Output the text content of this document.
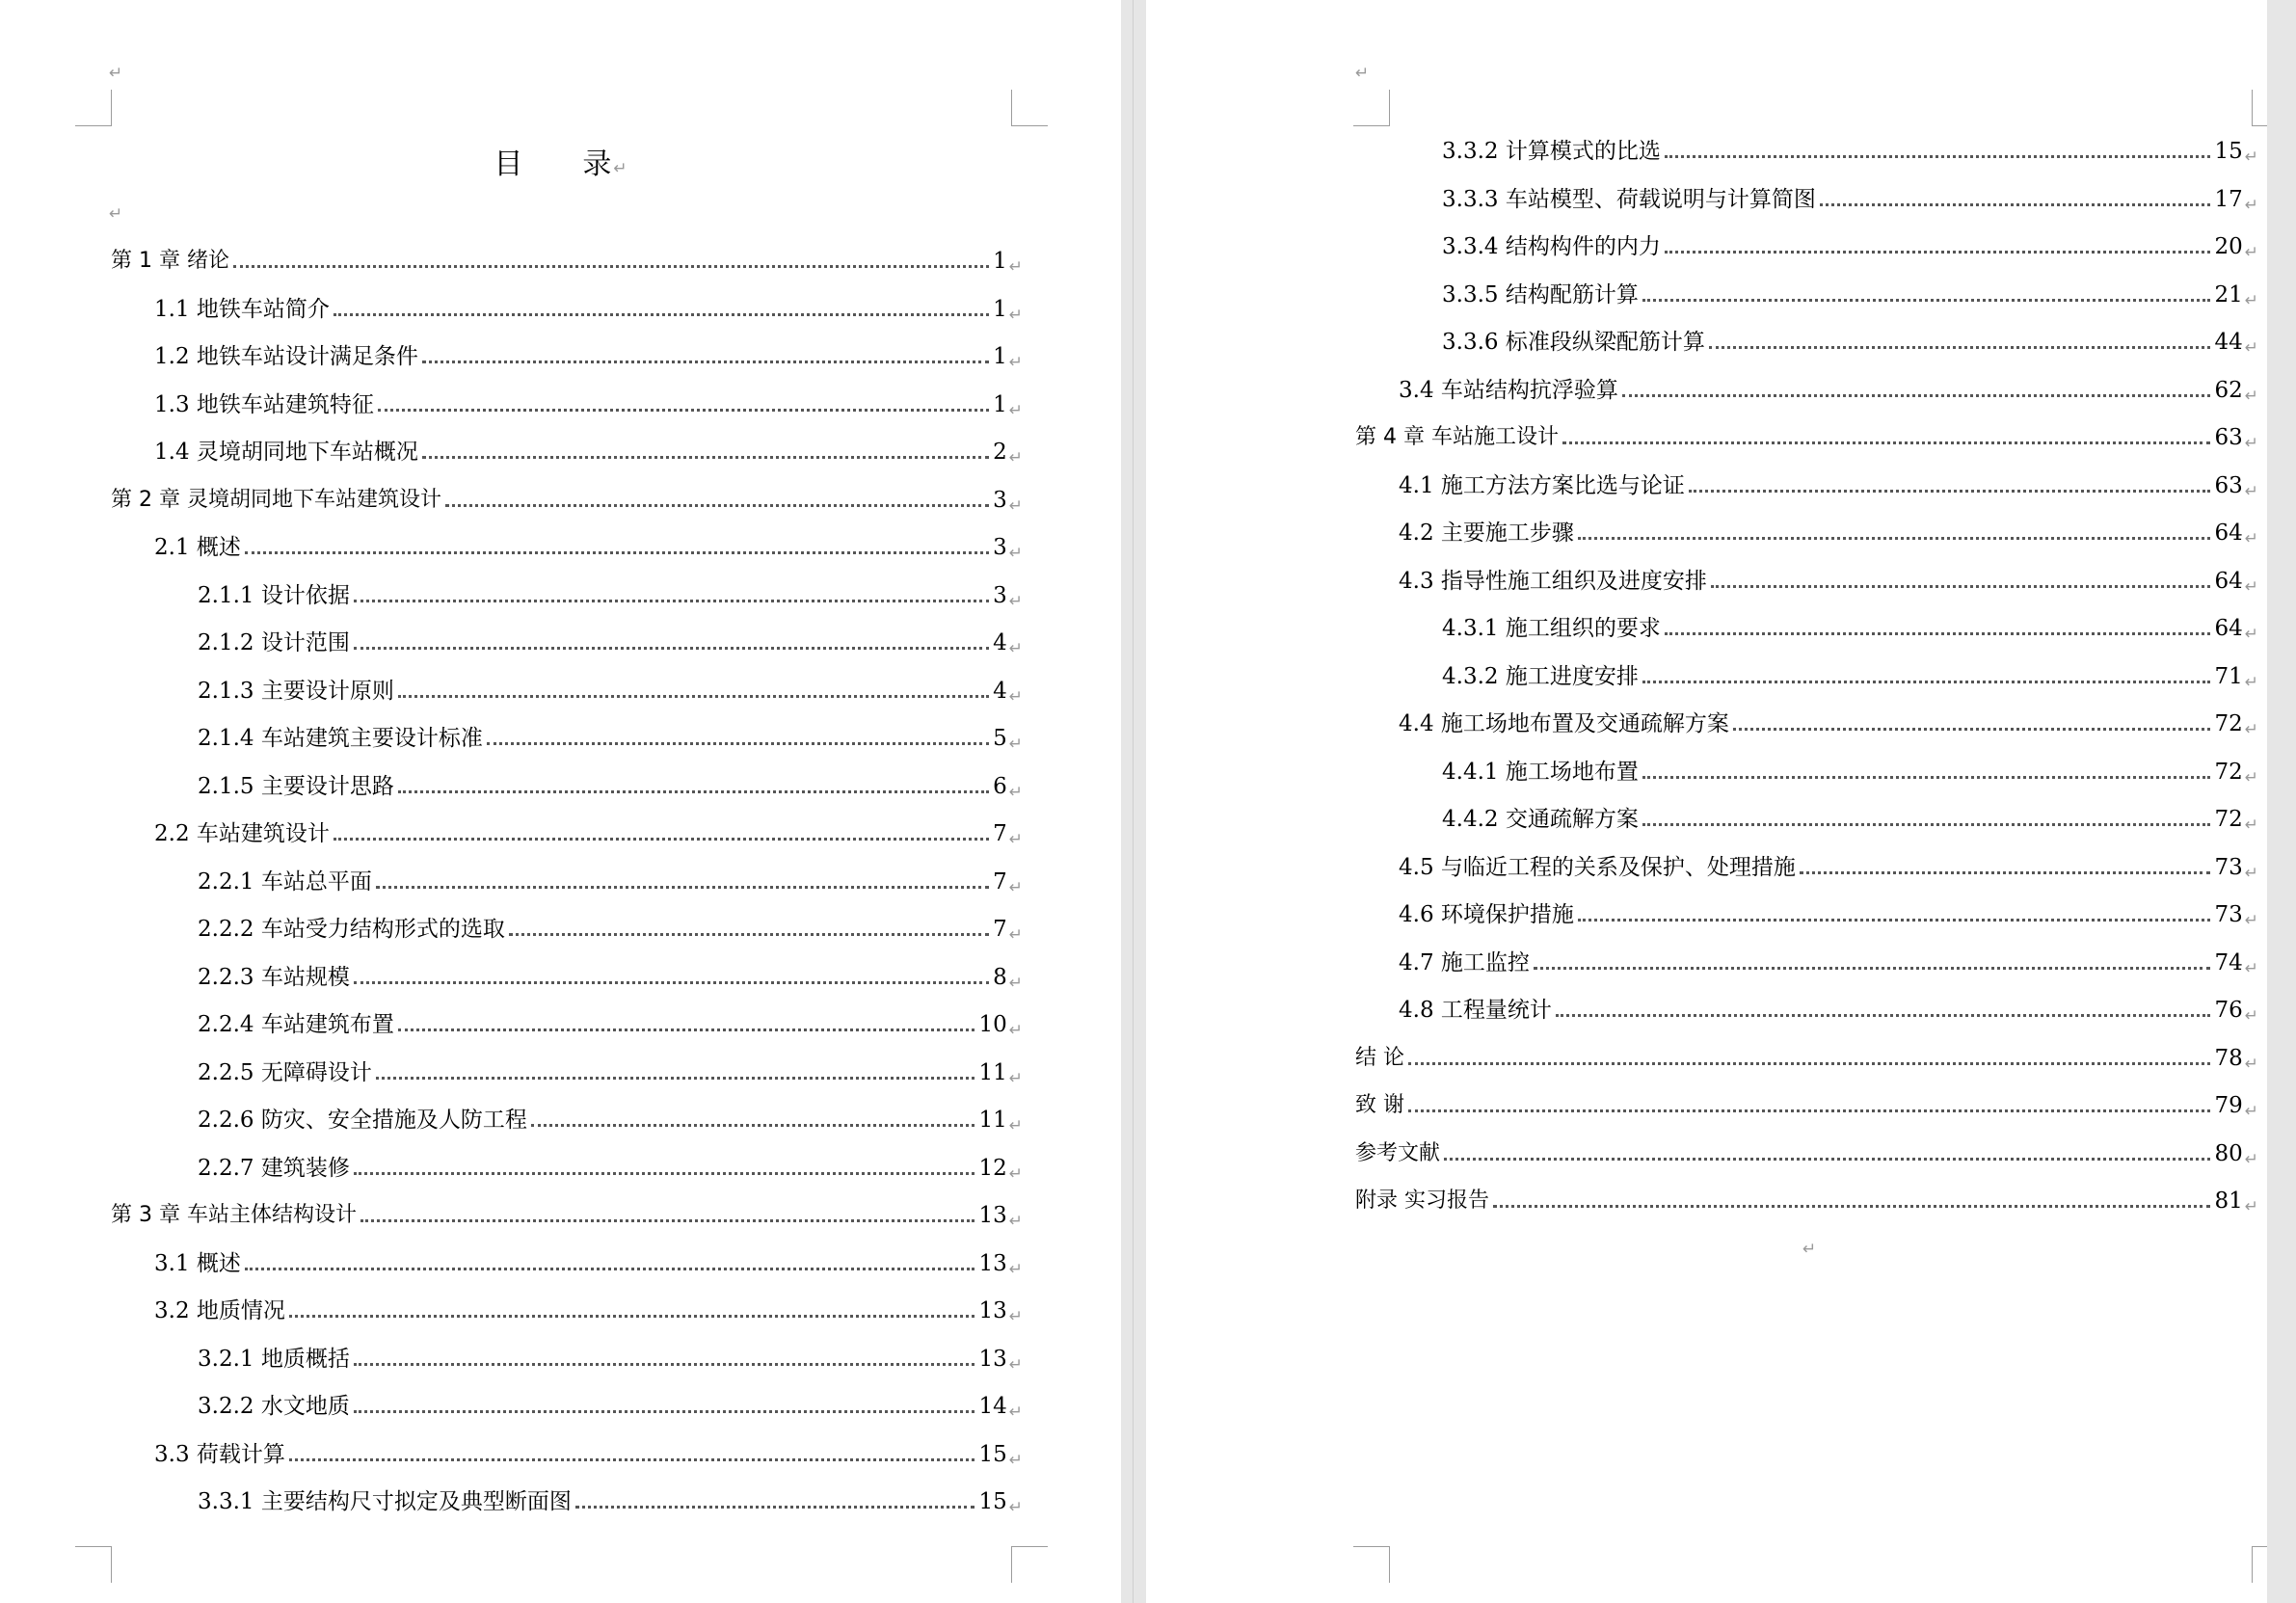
↵
目 录 ↵
↵
第 1 章 绪论	1 ↵
1.1 地铁车站简介	1 ↵
1.2 地铁车站设计满足条件	1 ↵
1.3 地铁车站建筑特征	1 ↵
1.4 灵境胡同地下车站概况	2 ↵
第 2 章 灵境胡同地下车站建筑设计	3 ↵
2.1 概述	3 ↵
2.1.1 设计依据	3 ↵
2.1.2 设计范围	4 ↵
2.1.3 主要设计原则	4 ↵
2.1.4 车站建筑主要设计标准	5 ↵
2.1.5 主要设计思路	6 ↵
2.2 车站建筑设计	7 ↵
2.2.1 车站总平面	7 ↵
2.2.2 车站受力结构形式的选取	7 ↵
2.2.3 车站规模	8 ↵
2.2.4 车站建筑布置	10 ↵
2.2.5 无障碍设计	11 ↵
2.2.6 防灾、安全措施及人防工程	11 ↵
2.2.7 建筑装修	12 ↵
第 3 章 车站主体结构设计	13 ↵
3.1 概述	13 ↵
3.2 地质情况	13 ↵
3.2.1 地质概括	13 ↵
3.2.2 水文地质	14 ↵
3.3 荷载计算	15 ↵
3.3.1 主要结构尺寸拟定及典型断面图	15 ↵
↵
3.3.2 计算模式的比选	15 ↵
3.3.3 车站模型、荷载说明与计算简图	17 ↵
3.3.4 结构构件的内力	20 ↵
3.3.5 结构配筋计算	21 ↵
3.3.6 标准段纵梁配筋计算	44 ↵
3.4 车站结构抗浮验算	62 ↵
第 4 章 车站施工设计	63 ↵
4.1 施工方法方案比选与论证	63 ↵
4.2 主要施工步骤	64 ↵
4.3 指导性施工组织及进度安排	64 ↵
4.3.1 施工组织的要求	64 ↵
4.3.2 施工进度安排	71 ↵
4.4 施工场地布置及交通疏解方案	72 ↵
4.4.1 施工场地布置	72 ↵
4.4.2 交通疏解方案	72 ↵
4.5 与临近工程的关系及保护、处理措施	73 ↵
4.6 环境保护措施	73 ↵
4.7 施工监控	74 ↵
4.8 工程量统计	76 ↵
结 论	78 ↵
致 谢	79 ↵
参考文献	80 ↵
附录 实习报告	81 ↵
↵
